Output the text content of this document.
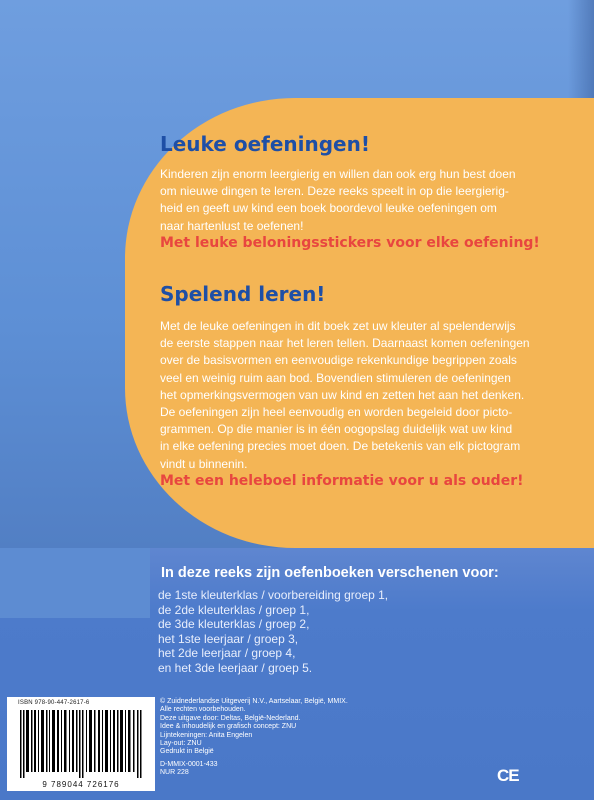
Leuke oefeningen!
Kinderen zijn enorm leergierig en willen dan ook erg hun best doen
om nieuwe dingen te leren. Deze reeks speelt in op die leergierig-
heid en geeft uw kind een boek boordevol leuke oefeningen om
naar hartenlust te oefenen!

Met leuke beloningsstickers voor elke oefening!

Spelend leren!
Met de leuke oefeningen in dit boek zet uw kleuter al spelenderwijs
de eerste stappen naar het leren tellen. Daarnaast komen oefeningen
over de basisvormen en eenvoudige rekenkundige begrippen zoals
veel en weinig ruim aan bod. Bovendien stimuleren de oefeningen
het opmerkingsvermogen van uw kind en zetten het aan het denken.
De oefeningen zijn heel eenvoudig en worden begeleid door picto-
grammen. Op die manier is in één oogopslag duidelijk wat uw kind
in elke oefening precies moet doen. De betekenis van elk pictogram
vindt u binnenin.

Met een heleboel informatie voor u als ouder!

In deze reeks zijn oefenboeken verschenen voor:

de 1ste kleuterklas / voorbereiding groep 1,
de 2de kleuterklas / groep 1,
de 3de kleuterklas / groep 2,
het 1ste leerjaar / groep 3,
het 2de leerjaar / groep 4,
en het 3de leerjaar / groep 5.
ISBN 978-90-447-2617-6
9 789044 726176
© Zuidnederlandse Uitgeverij N.V., Aartselaar, België, MMIX.
Alle rechten voorbehouden.
Deze uitgave door: Deltas, België-Nederland.
Idee & inhoudelijk en grafisch concept: ZNU
Lijntekeningen: Anita Engelen
Lay-out: ZNU
Gedrukt in België
D-MMIX-0001-433
NUR 228	CE
